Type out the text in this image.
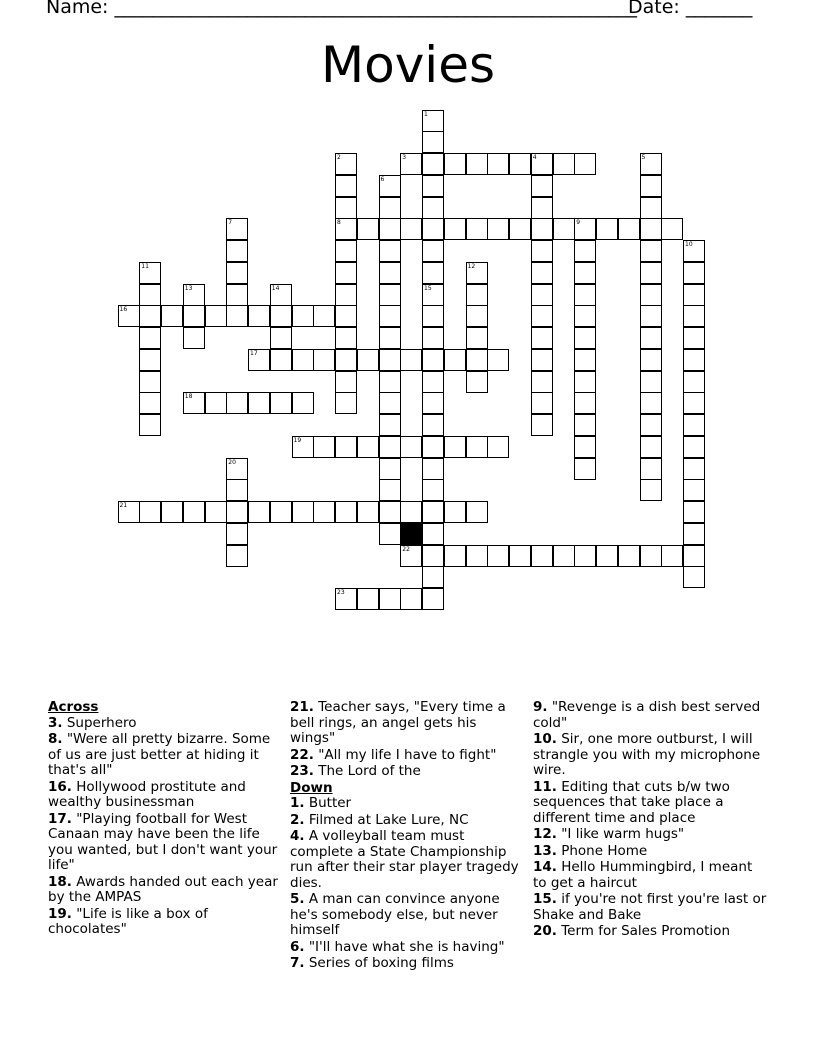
Name: _______________________________________________________
Date: _______
Movies
1
2
8
3	4	5
6
7	9
10
11	12
13	14	15
16
17
18
19
20
21
22
23
Across
3. Superhero
8. "Were all pretty bizarre. Some of us are just better at hiding it that's all"
16. Hollywood prostitute and wealthy businessman
17. "Playing football for West Canaan may have been the life you wanted, but I don't want your life"
18. Awards handed out each year by the AMPAS
19. "Life is like a box of chocolates"
21. Teacher says, "Every time a bell rings, an angel gets his wings"
22. "All my life I have to fight"
23. The Lord of the
Down
1. Butter
2. Filmed at Lake Lure, NC
4. A volleyball team must complete a State Championship run after their star player tragedy dies.
5. A man can convince anyone he's somebody else, but never himself
6. "I'll have what she is having"
7. Series of boxing films
9. "Revenge is a dish best served cold"
10. Sir, one more outburst, I will strangle you with my microphone wire.
11. Editing that cuts b/w two sequences that take place a different time and place
12. "I like warm hugs"
13. Phone Home
14. Hello Hummingbird, I meant to get a haircut
15. if you're not first you're last or Shake and Bake
20. Term for Sales Promotion
